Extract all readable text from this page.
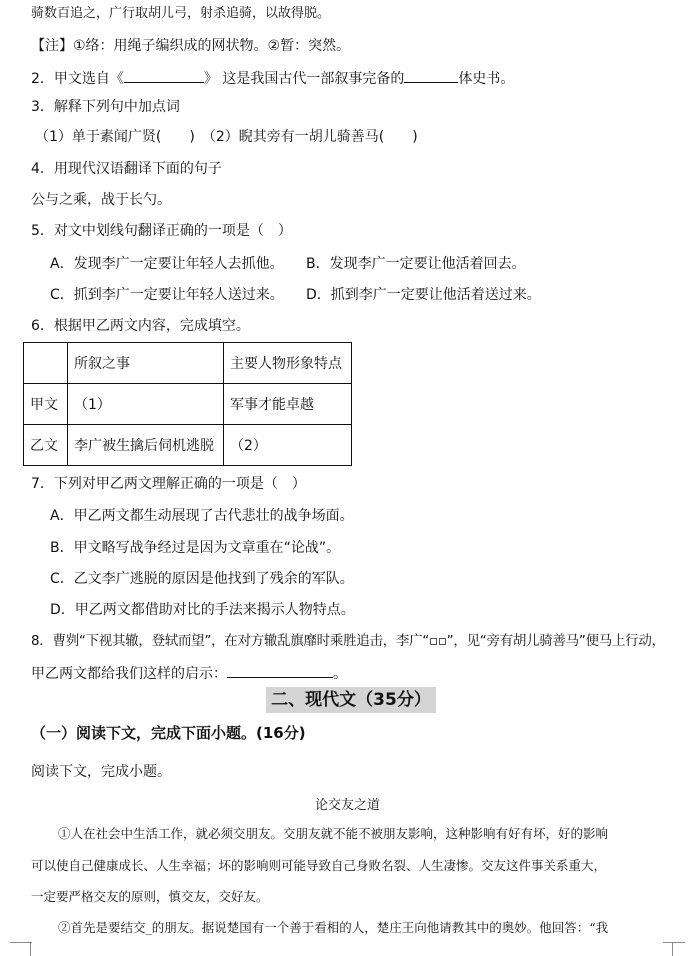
骑数百追之，广行取胡儿弓，射杀追骑，以故得脱。
【注】①络：用绳子编织成的网状物。②暂：突然。
2．甲文选自《	》 这是我国古代一部叙事完备的	体史书。
3．解释下列句中加点词
（1）单于素闻广贤(　　)　（2）睨其旁有一胡儿骑善马(　　)
4．用现代汉语翻译下面的句子
公与之乘，战于长勺。
5．对文中划线句翻译正确的一项是（　）
A．发现李广一定要让年轻人去抓他。 B．发现李广一定要让他活着回去。
C．抓到李广一定要让年轻人送过来。 D．抓到李广一定要让他活着送过来。
6．根据甲乙两文内容，完成填空。
	所叙之事	主要人物形象特点
甲文	（1）	军事才能卓越
乙文	李广被生擒后伺机逃脱	（2）
7．下列对甲乙两文理解正确的一项是（　）
A．甲乙两文都生动展现了古代悲壮的战争场面。
B．甲文略写战争经过是因为文章重在“论战”。
C．乙文李广逃脱的原因是他找到了残余的军队。
D．甲乙两文都借助对比的手法来揭示人物特点。
8．曹刿“下视其辙，登轼而望”，在对方辙乱旗靡时乘胜追击，李广“▫▫”，见“旁有胡儿骑善马”便马上行动，
甲乙两文都给我们这样的启示：	。
二、现代文（35分）
（一）阅读下文，完成下面小题。(16分)
阅读下文，完成小题。
论交友之道
①人在社会中生活工作，就必须交朋友。交朋友就不能不被朋友影响，这种影响有好有坏，好的影响
可以使自己健康成长、人生幸福；坏的影响则可能导致自己身败名裂、人生凄惨。交友这件事关系重大，
一定要严格交友的原则，慎交友，交好友。
②首先是要结交_的朋友。据说楚国有一个善于看相的人，楚庄王向他请教其中的奥妙。他回答：“我
